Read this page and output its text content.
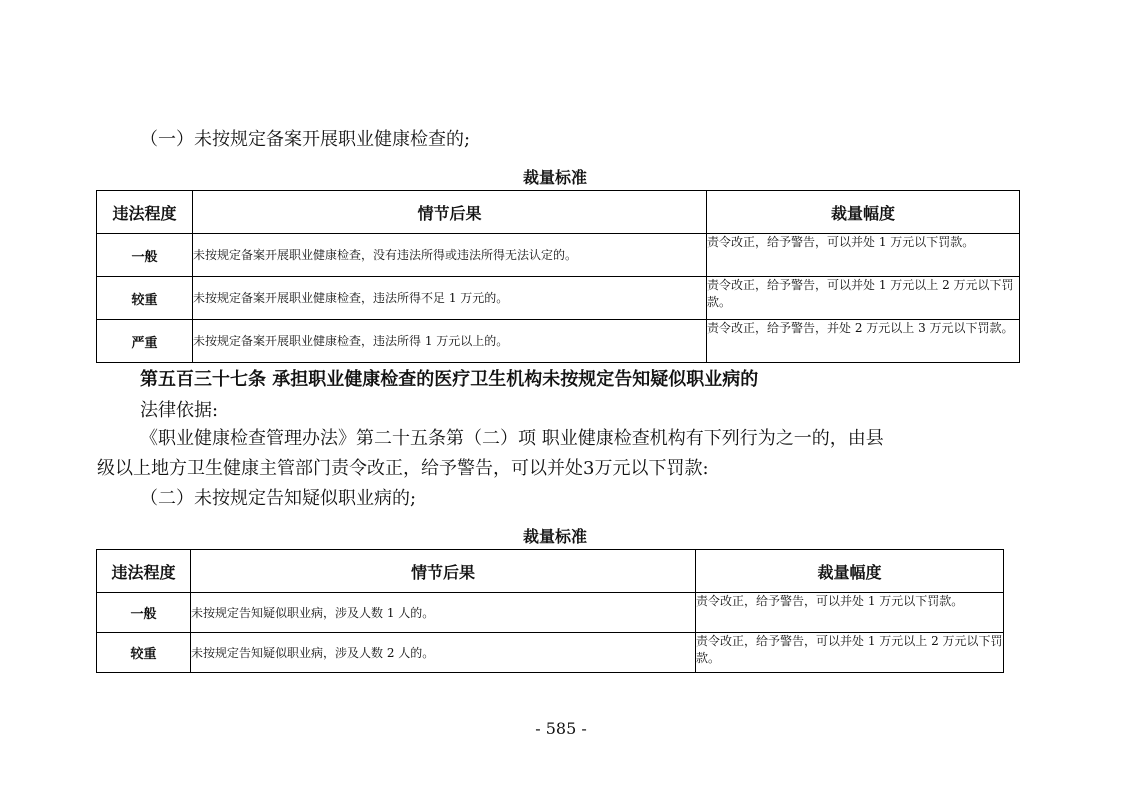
（一）未按规定备案开展职业健康检查的;

裁量标准

违法程度	情节后果	裁量幅度
一般	未按规定备案开展职业健康检查，没有违法所得或违法所得无法认定的。	责令改正，给予警告，可以并处 1 万元以下罚款。
较重	未按规定备案开展职业健康检查，违法所得不足 1 万元的。	责令改正，给予警告，可以并处 1 万元以上 2 万元以下罚款。
严重	未按规定备案开展职业健康检查，违法所得 1 万元以上的。	责令改正，给予警告，并处 2 万元以上 3 万元以下罚款。

第五百三十七条 承担职业健康检查的医疗卫生机构未按规定告知疑似职业病的

法律依据:

《职业健康检查管理办法》第二十五条第（二）项 职业健康检查机构有下列行为之一的，由县

级以上地方卫生健康主管部门责令改正，给予警告，可以并处3万元以下罚款:

（二）未按规定告知疑似职业病的;

裁量标准

违法程度	情节后果	裁量幅度
一般	未按规定告知疑似职业病，涉及人数 1 人的。	责令改正，给予警告，可以并处 1 万元以下罚款。
较重	未按规定告知疑似职业病，涉及人数 2 人的。	责令改正，给予警告，可以并处 1 万元以上 2 万元以下罚款。

- 585 -
